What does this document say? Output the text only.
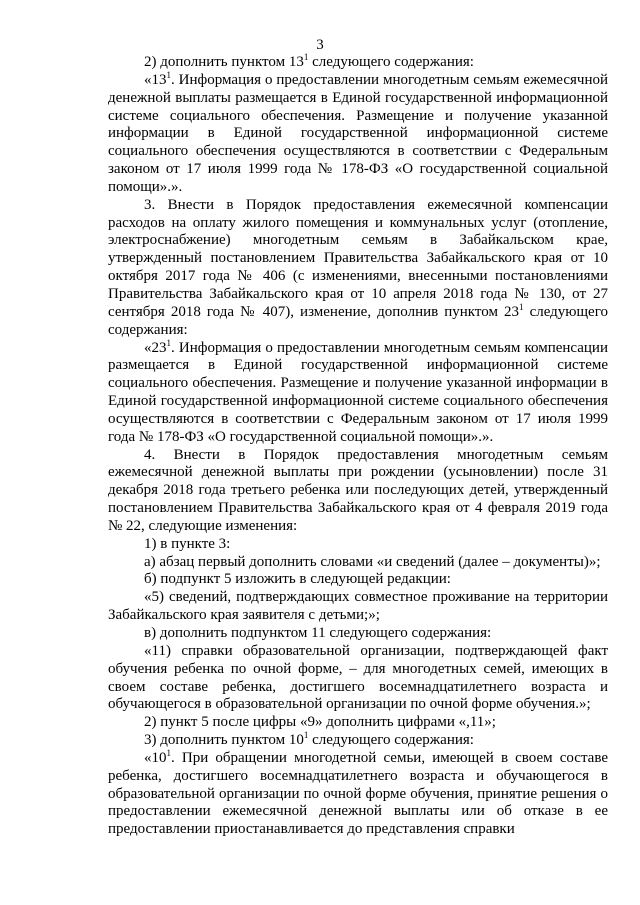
3

2) дополнить пунктом $13^1$ следующего содержания:

«$13^1$. Информация о предоставлении многодетным семьям ежемесячной денежной выплаты размещается в Единой государственной информационной системе социального обеспечения. Размещение и получение указанной информации в Единой государственной информационной системе социального обеспечения осуществляются в соответствии с Федеральным законом от 17 июля 1999 года № 178-ФЗ «О государственной социальной помощи».».

3. Внести в Порядок предоставления ежемесячной компенсации расходов на оплату жилого помещения и коммунальных услуг (отопление, электроснабжение) многодетным семьям в Забайкальском крае, утвержденный постановлением Правительства Забайкальского края от 10 октября 2017 года № 406 (с изменениями, внесенными постановлениями Правительства Забайкальского края от 10 апреля 2018 года № 130, от 27 сентября 2018 года № 407), изменение, дополнив пунктом $23^1$ следующего содержания:

«$23^1$. Информация о предоставлении многодетным семьям компенсации размещается в Единой государственной информационной системе социального обеспечения. Размещение и получение указанной информации в Единой государственной информационной системе социального обеспечения осуществляются в соответствии с Федеральным законом от 17 июля 1999 года № 178-ФЗ «О государственной социальной помощи».».

4. Внести в Порядок предоставления многодетным семьям ежемесячной денежной выплаты при рождении (усыновлении) после 31 декабря 2018 года третьего ребенка или последующих детей, утвержденный постановлением Правительства Забайкальского края от 4 февраля 2019 года № 22, следующие изменения:

1) в пункте 3:

а) абзац первый дополнить словами «и сведений (далее – документы)»;

б) подпункт 5 изложить в следующей редакции:

«5) сведений, подтверждающих совместное проживание на территории Забайкальского края заявителя с детьми;»;

в) дополнить подпунктом 11 следующего содержания:

«11) справки образовательной организации, подтверждающей факт обучения ребенка по очной форме, – для многодетных семей, имеющих в своем составе ребенка, достигшего восемнадцатилетнего возраста и обучающегося в образовательной организации по очной форме обучения.»;

2) пункт 5 после цифры «9» дополнить цифрами «,11»;

3) дополнить пунктом $10^1$ следующего содержания:

«$10^1$. При обращении многодетной семьи, имеющей в своем составе ребенка, достигшего восемнадцатилетнего возраста и обучающегося в образовательной организации по очной форме обучения, принятие решения о предоставлении ежемесячной денежной выплаты или об отказе в ее предоставлении приостанавливается до представления справки
